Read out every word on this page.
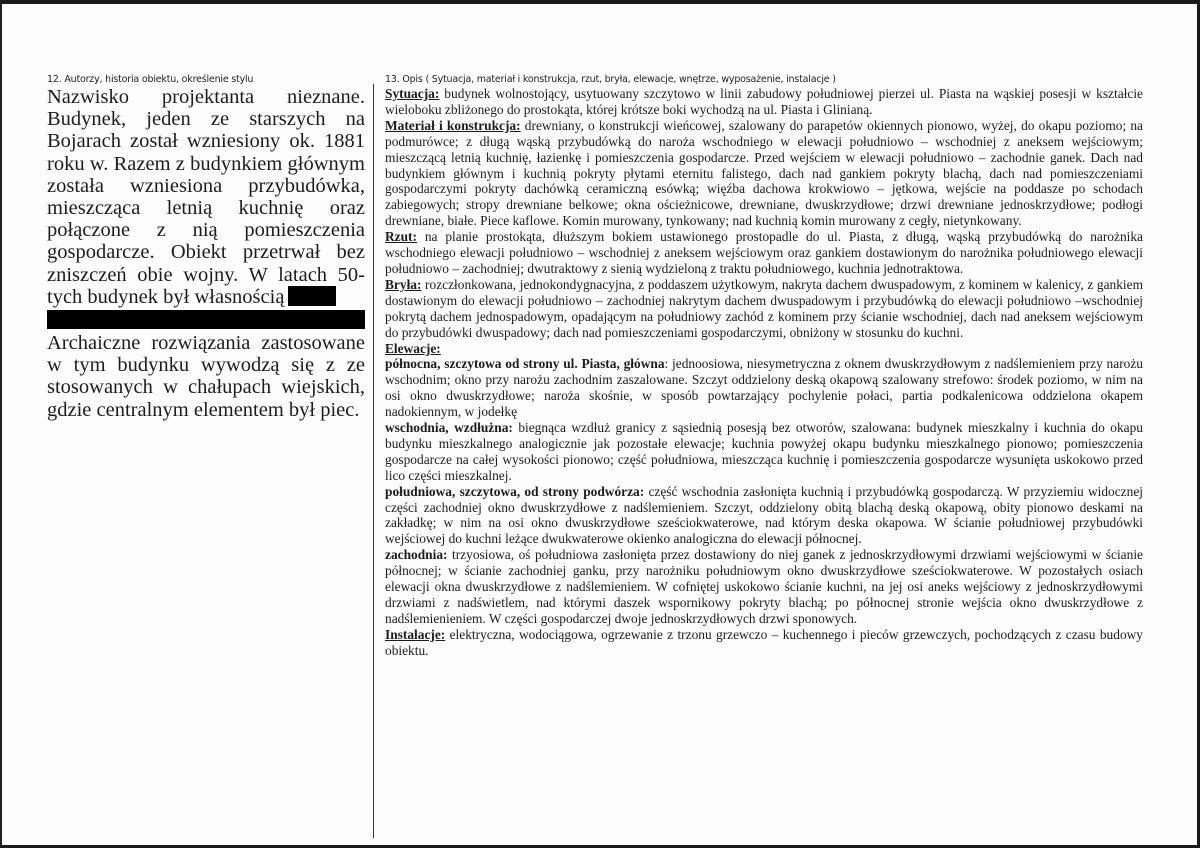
12. Autorzy, historia obiektu, określenie stylu
Nazwisko projektanta nieznane. Budynek, jeden ze starszych na Bojarach został wzniesiony ok. 1881 roku w. Razem z budynkiem głównym została wzniesiona przybudówka, mieszcząca letnią kuchnię oraz połączone z nią pomieszczenia gospodarcze. Obiekt przetrwał bez zniszczeń obie wojny. W latach 50-tych budynek był własnością
Archaiczne rozwiązania zastosowane w tym budynku wywodzą się z ze stosowanych w chałupach wiejskich, gdzie centralnym elementem był piec.
13. Opis ( Sytuacja, materiał i konstrukcja, rzut, bryła, elewacje, wnętrze, wyposażenie, instalacje )

Sytuacja: budynek wolnostojący, usytuowany szczytowo w linii zabudowy południowej pierzei ul. Piasta na wąskiej posesji w kształcie wieloboku zbliżonego do prostokąta, której krótsze boki wychodzą na ul. Piasta i Glinianą.

Materiał i konstrukcja: drewniany, o konstrukcji wieńcowej, szalowany do parapetów okiennych pionowo, wyżej, do okapu poziomo; na podmurówce; z długą wąską przybudówką do naroża wschodniego w elewacji południowo – wschodniej z aneksem wejściowym; mieszczącą letnią kuchnię, łazienkę i pomieszczenia gospodarcze. Przed wejściem w elewacji południowo – zachodnie ganek. Dach nad budynkiem głównym i kuchnią pokryty płytami eternitu falistego, dach nad gankiem pokryty blachą, dach nad pomieszczeniami gospodarczymi pokryty dachówką ceramiczną esówką; więźba dachowa krokwiowo – jętkowa, wejście na poddasze po schodach zabiegowych; stropy drewniane belkowe; okna ościeżnicowe, drewniane, dwuskrzydłowe; drzwi drewniane jednoskrzydłowe; podłogi drewniane, białe. Piece kaflowe. Komin murowany, tynkowany; nad kuchnią komin murowany z cegły, nietynkowany.

Rzut: na planie prostokąta, dłuższym bokiem ustawionego prostopadle do ul. Piasta, z długą, wąską przybudówką do narożnika wschodniego elewacji południowo – wschodniej z aneksem wejściowym oraz gankiem dostawionym do narożnika południowego elewacji południowo – zachodniej; dwutraktowy z sienią wydzieloną z traktu południowego, kuchnia jednotraktowa.

Bryła: rozczłonkowana, jednokondygnacyjna, z poddaszem użytkowym, nakryta dachem dwuspadowym, z kominem w kalenicy, z gankiem dostawionym do elewacji południowo – zachodniej nakrytym dachem dwuspadowym i przybudówką do elewacji południowo –wschodniej pokrytą dachem jednospadowym, opadającym na południowy zachód z kominem przy ścianie wschodniej, dach nad aneksem wejściowym do przybudówki dwuspadowy; dach nad pomieszczeniami gospodarczymi, obniżony w stosunku do kuchni.

Elewacje:

północna, szczytowa od strony ul. Piasta, główna: jednoosiowa, niesymetryczna z oknem dwuskrzydłowym z nadślemieniem przy narożu wschodnim; okno przy narożu zachodnim zaszalowane. Szczyt oddzielony deską okapową szalowany strefowo: środek poziomo, w nim na osi okno dwuskrzydłowe; naroża skośnie, w sposób powtarzający pochylenie połaci, partia podkalenicowa oddzielona okapem nadokiennym, w jodełkę

wschodnia, wzdłużna: biegnąca wzdłuż granicy z sąsiednią posesją bez otworów, szalowana: budynek mieszkalny i kuchnia do okapu budynku mieszkalnego analogicznie jak pozostałe elewacje; kuchnia powyżej okapu budynku mieszkalnego pionowo; pomieszczenia gospodarcze na całej wysokości pionowo; część południowa, mieszcząca kuchnię i pomieszczenia gospodarcze wysunięta uskokowo przed lico części mieszkalnej.

południowa, szczytowa, od strony podwórza: część wschodnia zasłonięta kuchnią i przybudówką gospodarczą. W przyziemiu widocznej części zachodniej okno dwuskrzydłowe z nadślemieniem. Szczyt, oddzielony obitą blachą deską okapową, obity pionowo deskami na zakładkę; w nim na osi okno dwuskrzydłowe sześciokwaterowe, nad którym deska okapowa. W ścianie południowej przybudówki wejściowej do kuchni leżące dwukwaterowe okienko analogiczna do elewacji północnej.

zachodnia: trzyosiowa, oś południowa zasłonięta przez dostawiony do niej ganek z jednoskrzydłowymi drzwiami wejściowymi w ścianie północnej; w ścianie zachodniej ganku, przy narożniku południowym okno dwuskrzydłowe sześciokwaterowe. W pozostałych osiach elewacji okna dwuskrzydłowe z nadślemieniem. W cofniętej uskokowo ścianie kuchni, na jej osi aneks wejściowy z jednoskrzydłowymi drzwiami z nadświetlem, nad którymi daszek wspornikowy pokryty blachą; po północnej stronie wejścia okno dwuskrzydłowe z nadślemienieniem. W części gospodarczej dwoje jednoskrzydłowych drzwi sponowych.

Instalacje: elektryczna, wodociągowa, ogrzewanie z trzonu grzewczo – kuchennego i pieców grzewczych, pochodzących z czasu budowy obiektu.
